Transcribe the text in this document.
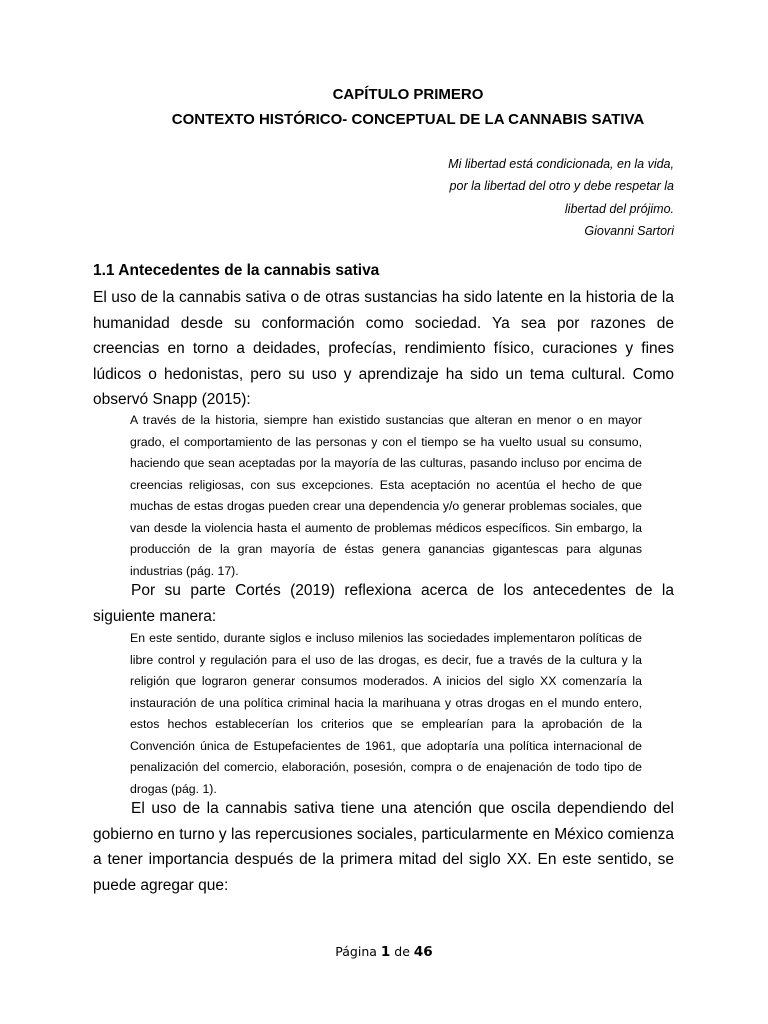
CAPÍTULO PRIMERO
CONTEXTO HISTÓRICO- CONCEPTUAL DE LA CANNABIS SATIVA
Mi libertad está condicionada, en la vida,
por la libertad del otro y debe respetar la
libertad del prójimo.
Giovanni Sartori
1.1 Antecedentes de la cannabis sativa
El uso de la cannabis sativa o de otras sustancias ha sido latente en la historia de la humanidad desde su conformación como sociedad. Ya sea por razones de creencias en torno a deidades, profecías, rendimiento físico, curaciones y fines lúdicos o hedonistas, pero su uso y aprendizaje ha sido un tema cultural. Como observó Snapp (2015):
A través de la historia, siempre han existido sustancias que alteran en menor o en mayor grado, el comportamiento de las personas y con el tiempo se ha vuelto usual su consumo, haciendo que sean aceptadas por la mayoría de las culturas, pasando incluso por encima de creencias religiosas, con sus excepciones. Esta aceptación no acentúa el hecho de que muchas de estas drogas pueden crear una dependencia y/o generar problemas sociales, que van desde la violencia hasta el aumento de problemas médicos específicos. Sin embargo, la producción de la gran mayoría de éstas genera ganancias gigantescas para algunas industrias (pág. 17).
Por su parte Cortés (2019) reflexiona acerca de los antecedentes de la siguiente manera:
En este sentido, durante siglos e incluso milenios las sociedades implementaron políticas de libre control y regulación para el uso de las drogas, es decir, fue a través de la cultura y la religión que lograron generar consumos moderados. A inicios del siglo XX comenzaría la instauración de una política criminal hacia la marihuana y otras drogas en el mundo entero, estos hechos establecerían los criterios que se emplearían para la aprobación de la Convención única de Estupefacientes de 1961, que adoptaría una política internacional de penalización del comercio, elaboración, posesión, compra o de enajenación de todo tipo de drogas (pág. 1).
El uso de la cannabis sativa tiene una atención que oscila dependiendo del gobierno en turno y las repercusiones sociales, particularmente en México comienza a tener importancia después de la primera mitad del siglo XX. En este sentido, se puede agregar que:
Página 1 de 46
